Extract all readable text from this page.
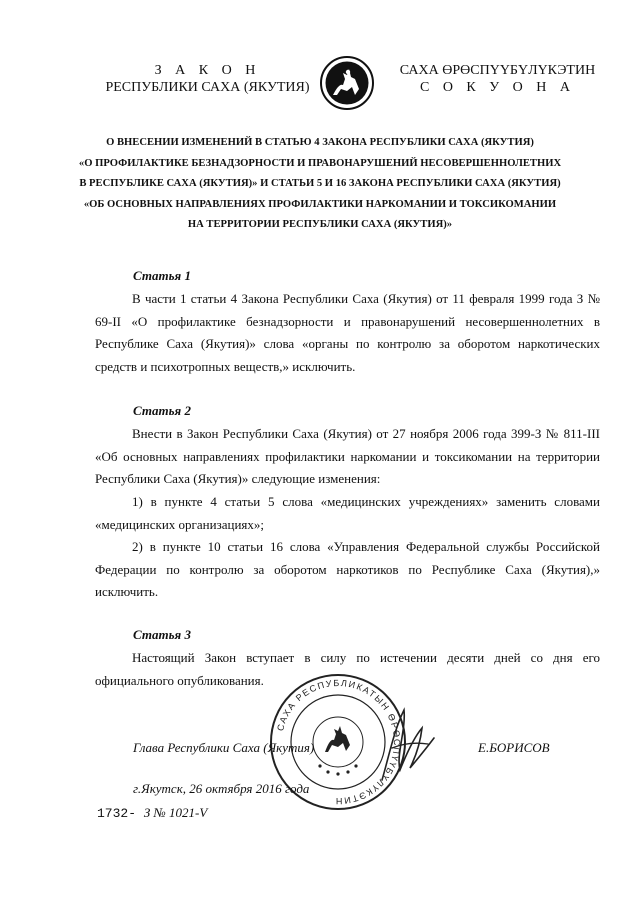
З А К О Н
РЕСПУБЛИКИ САХА (ЯКУТИЯ)
САХА ӨРӨСПҮҮБҮЛҮКЭТИН
С О К У О Н А
О ВНЕСЕНИИ ИЗМЕНЕНИЙ В СТАТЬЮ 4 ЗАКОНА РЕСПУБЛИКИ САХА (ЯКУТИЯ)
«О ПРОФИЛАКТИКЕ БЕЗНАДЗОРНОСТИ И ПРАВОНАРУШЕНИЙ НЕСОВЕРШЕННОЛЕТНИХ
В РЕСПУБЛИКЕ САХА (ЯКУТИЯ)» И СТАТЬИ 5 И 16 ЗАКОНА РЕСПУБЛИКИ САХА (ЯКУТИЯ)
«ОБ ОСНОВНЫХ НАПРАВЛЕНИЯХ ПРОФИЛАКТИКИ НАРКОМАНИИ И ТОКСИКОМАНИИ
НА ТЕРРИТОРИИ РЕСПУБЛИКИ САХА (ЯКУТИЯ)»
Статья 1
В части 1 статьи 4 Закона Республики Саха (Якутия) от 11 февраля 1999 года З № 69-II «О профилактике безнадзорности и правонарушений несовершеннолетних в Республике Саха (Якутия)» слова «органы по контролю за оборотом наркотических средств и психотропных веществ,» исключить.
Статья 2
Внести в Закон Республики Саха (Якутия) от 27 ноября 2006 года 399-З № 811-III «Об основных направлениях профилактики наркомании и токсикомании на территории Республики Саха (Якутия)» следующие изменения:
1) в пункте 4 статьи 5 слова «медицинских учреждениях» заменить словами «медицинских организациях»;
2) в пункте 10 статьи 16 слова «Управления Федеральной службы Российской Федерации по контролю за оборотом наркотиков по Республике Саха (Якутия),» исключить.
Статья 3
Настоящий Закон вступает в силу по истечении десяти дней со дня его официального опубликования.
САХА РЕСПУБЛИКАТЫН ӨРӨСПҮҮБҮЛҮКЭТИН
Глава Республики Саха (Якутия)	Е.БОРИСОВ
г.Якутск, 26 октября 2016 года
1732- З № 1021-V
